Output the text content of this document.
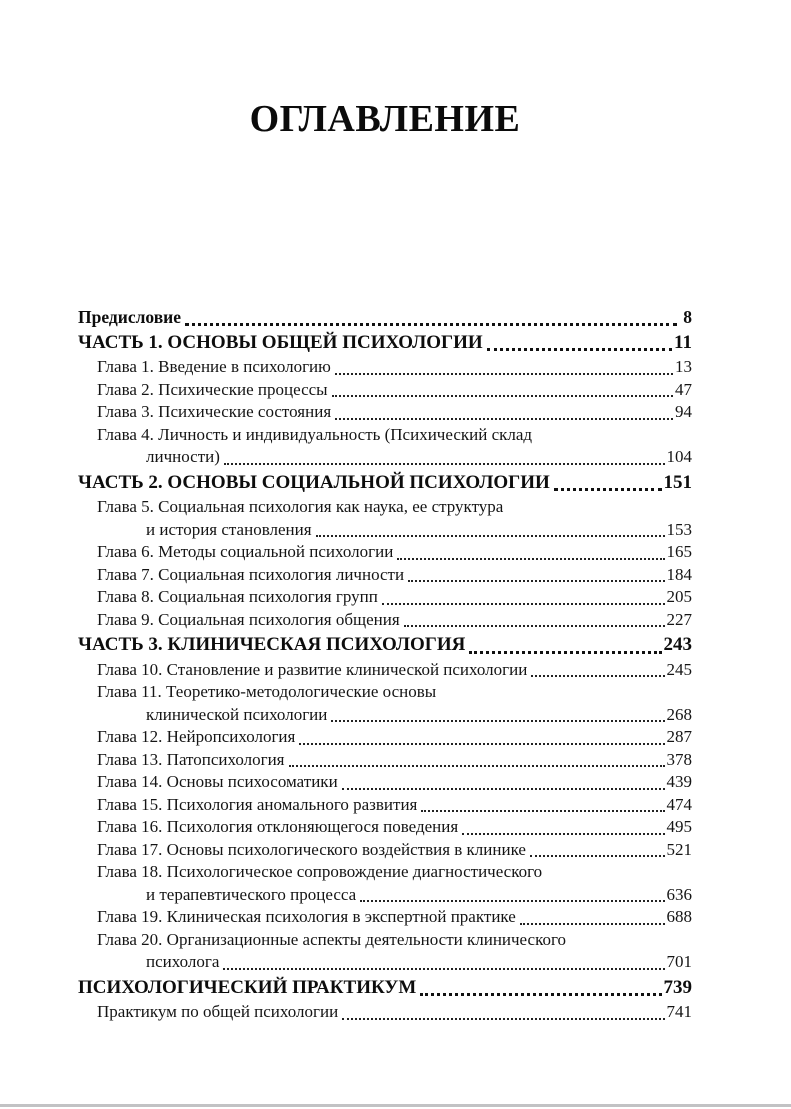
ОГЛАВЛЕНИЕ
Предисловие	8
ЧАСТЬ 1. ОСНОВЫ ОБЩЕЙ ПСИХОЛОГИИ	11
Глава 1. Введение в психологию	13
Глава 2. Психические процессы	47
Глава 3. Психические состояния	94
Глава 4. Личность и индивидуальность (Психический склад
личности)	104
ЧАСТЬ 2. ОСНОВЫ СОЦИАЛЬНОЙ ПСИХОЛОГИИ	151
Глава 5. Социальная психология как наука, ее структура
и история становления	153
Глава 6. Методы социальной психологии	165
Глава 7. Социальная психология личности	184
Глава 8. Социальная психология групп	205
Глава 9. Социальная психология общения	227
ЧАСТЬ 3. КЛИНИЧЕСКАЯ ПСИХОЛОГИЯ	243
Глава 10. Становление и развитие клинической психологии	245
Глава 11. Теоретико-методологические основы
клинической психологии	268
Глава 12. Нейропсихология	287
Глава 13. Патопсихология	378
Глава 14. Основы психосоматики	439
Глава 15. Психология аномального развития	474
Глава 16. Психология отклоняющегося поведения	495
Глава 17. Основы психологического воздействия в клинике	521
Глава 18. Психологическое сопровождение диагностического
и терапевтического процесса	636
Глава 19. Клиническая психология в экспертной практике	688
Глава 20. Организационные аспекты деятельности клинического
психолога	701
ПСИХОЛОГИЧЕСКИЙ ПРАКТИКУМ	739
Практикум по общей психологии	741
